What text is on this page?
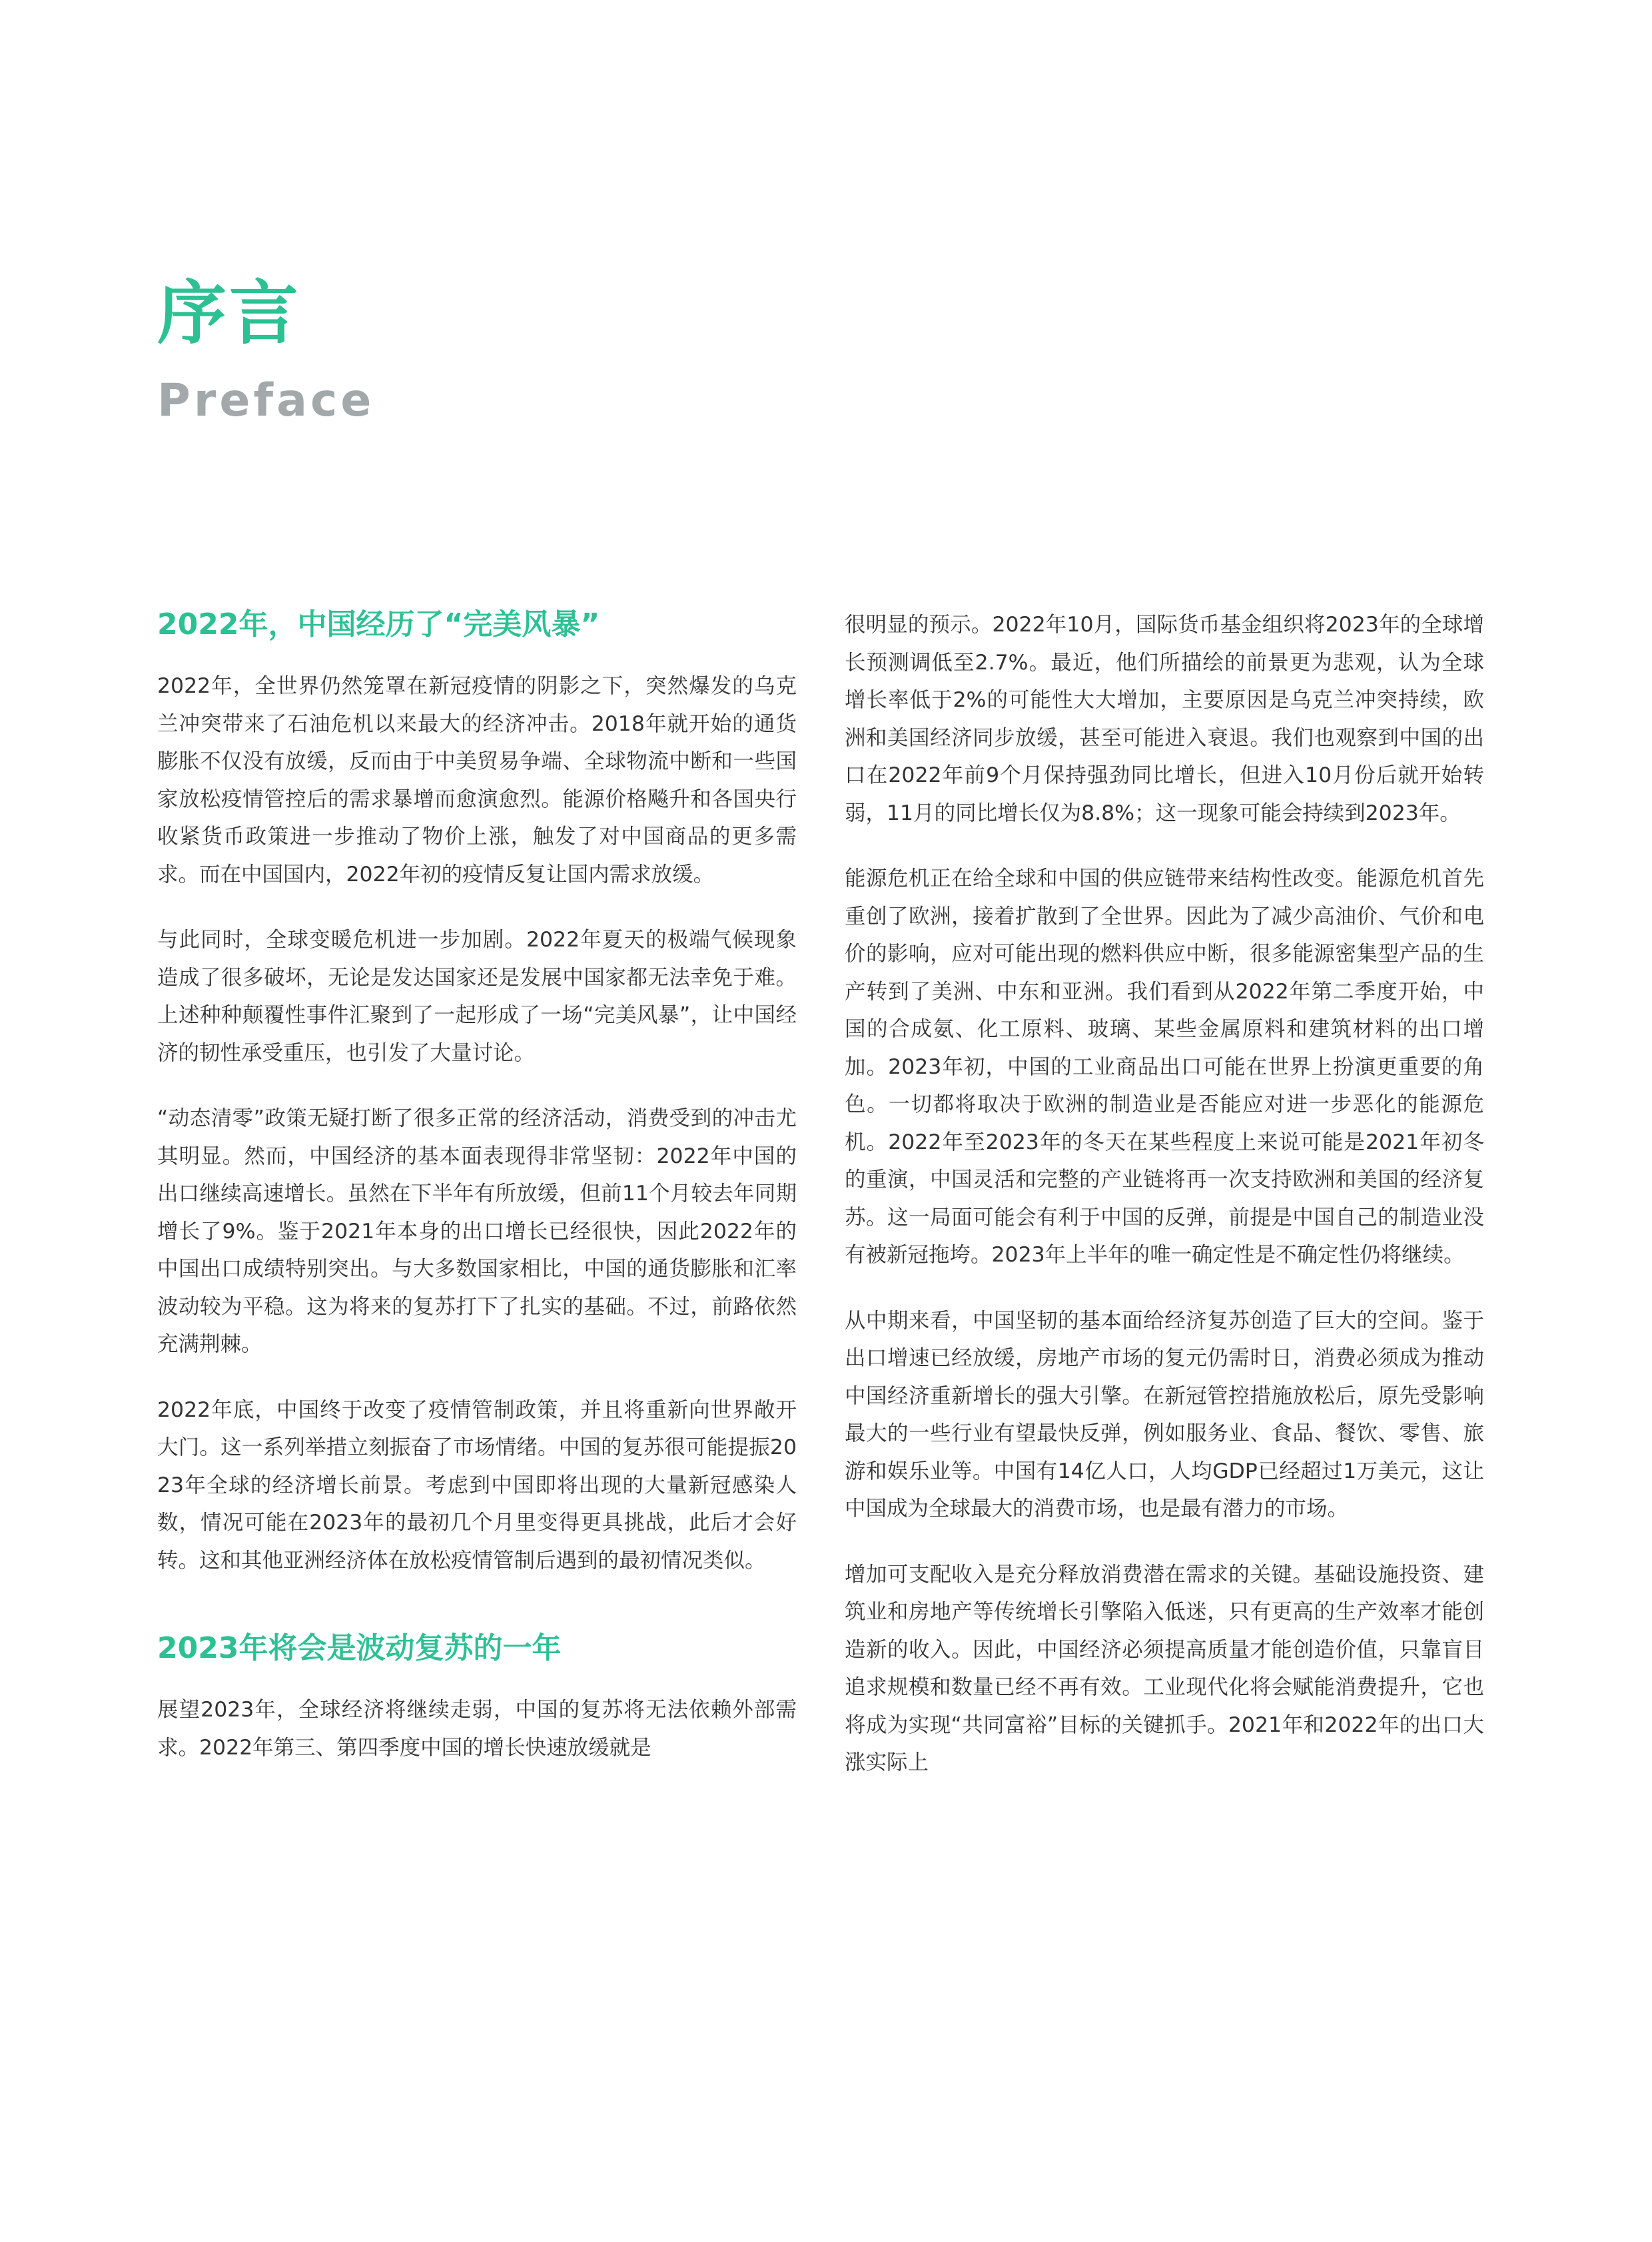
序言
Preface
2022年，中国经历了“完美风暴”

2022年，全世界仍然笼罩在新冠疫情的阴影之下，突然爆发的乌克兰冲突带来了石油危机以来最大的经济冲击。2018年就开始的通货膨胀不仅没有放缓，反而由于中美贸易争端、全球物流中断和一些国家放松疫情管控后的需求暴增而愈演愈烈。能源价格飚升和各国央行收紧货币政策进一步推动了物价上涨，触发了对中国商品的更多需求。而在中国国内，2022年初的疫情反复让国内需求放缓。

与此同时，全球变暖危机进一步加剧。2022年夏天的极端气候现象造成了很多破坏，无论是发达国家还是发展中国家都无法幸免于难。上述种种颠覆性事件汇聚到了一起形成了一场“完美风暴”，让中国经济的韧性承受重压，也引发了大量讨论。

“动态清零”政策无疑打断了很多正常的经济活动，消费受到的冲击尤其明显。然而，中国经济的基本面表现得非常坚韧：2022年中国的出口继续高速增长。虽然在下半年有所放缓，但前11个月较去年同期增长了9%。鉴于2021年本身的出口增长已经很快，因此2022年的中国出口成绩特别突出。与大多数国家相比，中国的通货膨胀和汇率波动较为平稳。这为将来的复苏打下了扎实的基础。不过，前路依然充满荆棘。

2022年底，中国终于改变了疫情管制政策，并且将重新向世界敞开大门。这一系列举措立刻振奋了市场情绪。中国的复苏很可能提振2023年全球的经济增长前景。考虑到中国即将出现的大量新冠感染人数，情况可能在2023年的最初几个月里变得更具挑战，此后才会好转。这和其他亚洲经济体在放松疫情管制后遇到的最初情况类似。

2023年将会是波动复苏的一年

展望2023年，全球经济将继续走弱，中国的复苏将无法依赖外部需求。2022年第三、第四季度中国的增长快速放缓就是

很明显的预示。2022年10月，国际货币基金组织将2023年的全球增长预测调低至2.7%。最近，他们所描绘的前景更为悲观，认为全球增长率低于2%的可能性大大增加，主要原因是乌克兰冲突持续，欧洲和美国经济同步放缓，甚至可能进入衰退。我们也观察到中国的出口在2022年前9个月保持强劲同比增长，但进入10月份后就开始转弱，11月的同比增长仅为8.8%；这一现象可能会持续到2023年。

能源危机正在给全球和中国的供应链带来结构性改变。能源危机首先重创了欧洲，接着扩散到了全世界。因此为了减少高油价、气价和电价的影响，应对可能出现的燃料供应中断，很多能源密集型产品的生产转到了美洲、中东和亚洲。我们看到从2022年第二季度开始，中国的合成氨、化工原料、玻璃、某些金属原料和建筑材料的出口增加。2023年初，中国的工业商品出口可能在世界上扮演更重要的角色。一切都将取决于欧洲的制造业是否能应对进一步恶化的能源危机。2022年至2023年的冬天在某些程度上来说可能是2021年初冬的重演，中国灵活和完整的产业链将再一次支持欧洲和美国的经济复苏。这一局面可能会有利于中国的反弹，前提是中国自己的制造业没有被新冠拖垮。2023年上半年的唯一确定性是不确定性仍将继续。

从中期来看，中国坚韧的基本面给经济复苏创造了巨大的空间。鉴于出口增速已经放缓，房地产市场的复元仍需时日，消费必须成为推动中国经济重新增长的强大引擎。在新冠管控措施放松后，原先受影响最大的一些行业有望最快反弹，例如服务业、食品、餐饮、零售、旅游和娱乐业等。中国有14亿人口，人均GDP已经超过1万美元，这让中国成为全球最大的消费市场，也是最有潜力的市场。

增加可支配收入是充分释放消费潜在需求的关键。基础设施投资、建筑业和房地产等传统增长引擎陷入低迷，只有更高的生产效率才能创造新的收入。因此，中国经济必须提高质量才能创造价值，只靠盲目追求规模和数量已经不再有效。工业现代化将会赋能消费提升，它也将成为实现“共同富裕”目标的关键抓手。2021年和2022年的出口大涨实际上
